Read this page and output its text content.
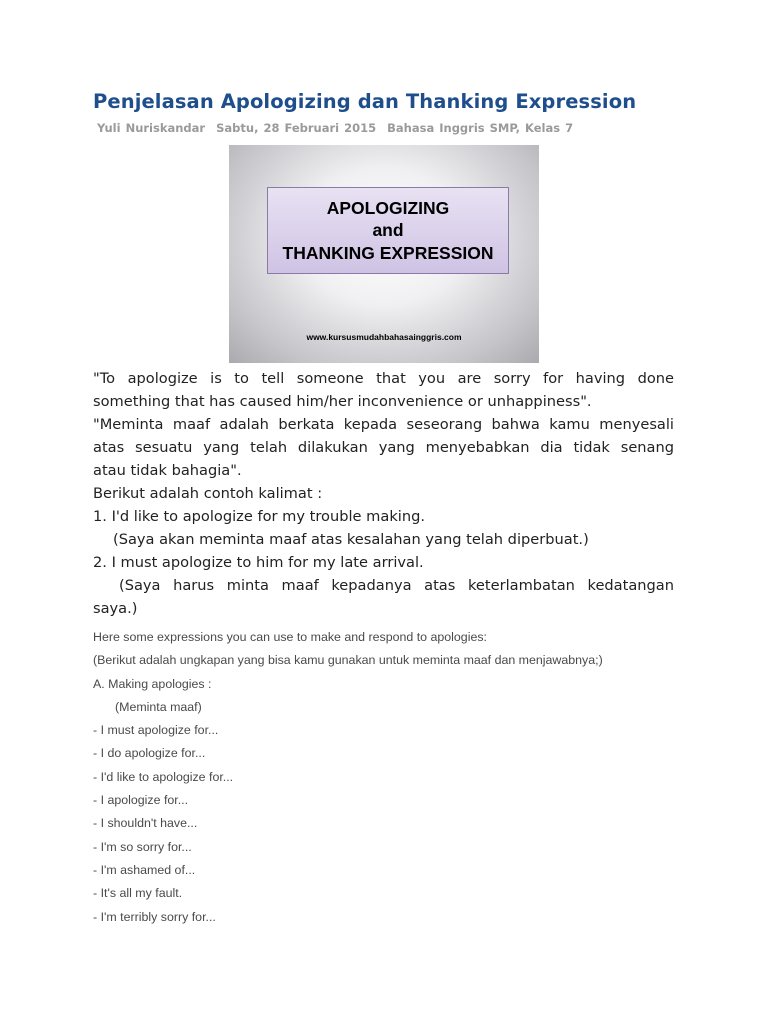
Penjelasan Apologizing dan Thanking Expression
Yuli Nuriskandar Sabtu, 28 Februari 2015 Bahasa Inggris SMP, Kelas 7
APOLOGIZING
and
THANKING EXPRESSION
www.kursusmudahbahasainggris.com

"To apologize is to tell someone that you are sorry for having done

something that has caused him/her inconvenience or unhappiness".

"Meminta maaf adalah berkata kepada seseorang bahwa kamu menyesali

atas sesuatu yang telah dilakukan yang menyebabkan dia tidak senang

atau tidak bahagia".

Berikut adalah contoh kalimat :

1. I'd like to apologize for my trouble making.

(Saya akan meminta maaf atas kesalahan yang telah diperbuat.)

2. I must apologize to him for my late arrival.

(Saya harus minta maaf kepadanya atas keterlambatan kedatangan

saya.)

Here some expressions you can use to make and respond to apologies:

(Berikut adalah ungkapan yang bisa kamu gunakan untuk meminta maaf dan menjawabnya;)

A. Making apologies :

(Meminta maaf)

- I must apologize for...

- I do apologize for...

- I'd like to apologize for...

- I apologize for...

- I shouldn't have...

- I'm so sorry for...

- I'm ashamed of...

- It's all my fault.

- I'm terribly sorry for...
